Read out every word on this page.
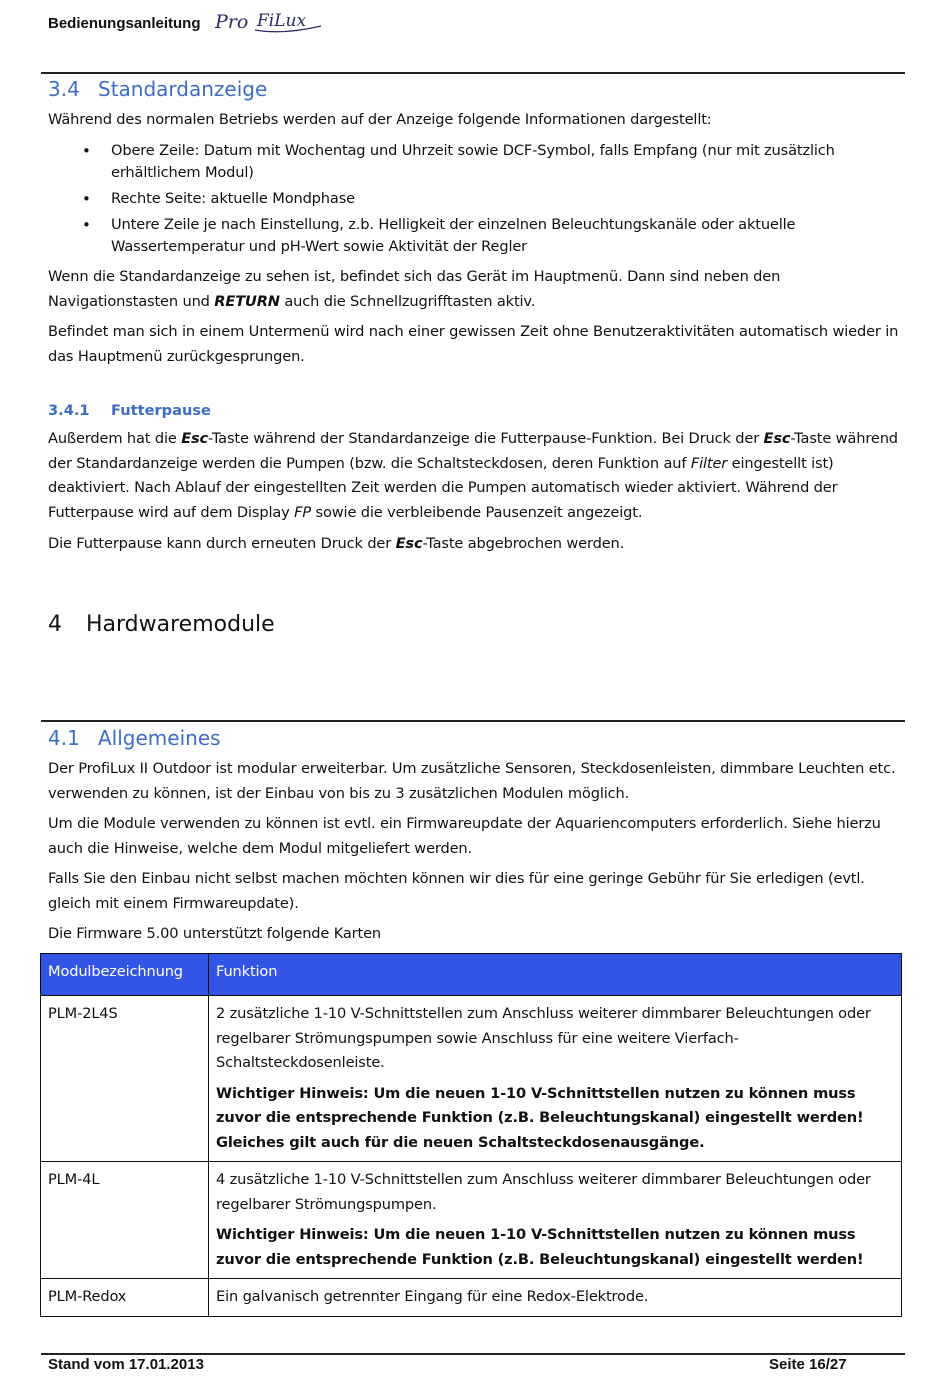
Bedienungsanleitung Pro FiLux
3.4 Standardanzeige
Während des normalen Betriebs werden auf der Anzeige folgende Informationen dargestellt:
• Obere Zeile: Datum mit Wochentag und Uhrzeit sowie DCF-Symbol, falls Empfang (nur mit zusätzlich erhältlichem Modul)
• Rechte Seite: aktuelle Mondphase
• Untere Zeile je nach Einstellung, z.b. Helligkeit der einzelnen Beleuchtungskanäle oder aktuelle Wassertemperatur und pH-Wert sowie Aktivität der Regler
Wenn die Standardanzeige zu sehen ist, befindet sich das Gerät im Hauptmenü. Dann sind neben den Navigationstasten und RETURN auch die Schnellzugrifftasten aktiv.
Befindet man sich in einem Untermenü wird nach einer gewissen Zeit ohne Benutzeraktivitäten automatisch wieder in das Hauptmenü zurückgesprungen.
3.4.1 Futterpause
Außerdem hat die Esc-Taste während der Standardanzeige die Futterpause-Funktion. Bei Druck der Esc-Taste während der Standardanzeige werden die Pumpen (bzw. die Schaltsteckdosen, deren Funktion auf Filter eingestellt ist) deaktiviert. Nach Ablauf der eingestellten Zeit werden die Pumpen automatisch wieder aktiviert. Während der Futterpause wird auf dem Display FP sowie die verbleibende Pausenzeit angezeigt.
Die Futterpause kann durch erneuten Druck der Esc-Taste abgebrochen werden.
4 Hardwaremodule
4.1 Allgemeines
Der ProfiLux II Outdoor ist modular erweiterbar. Um zusätzliche Sensoren, Steckdosenleisten, dimmbare Leuchten etc. verwenden zu können, ist der Einbau von bis zu 3 zusätzlichen Modulen möglich.
Um die Module verwenden zu können ist evtl. ein Firmwareupdate der Aquariencomputers erforderlich. Siehe hierzu auch die Hinweise, welche dem Modul mitgeliefert werden.
Falls Sie den Einbau nicht selbst machen möchten können wir dies für eine geringe Gebühr für Sie erledigen (evtl. gleich mit einem Firmwareupdate).
Die Firmware 5.00 unterstützt folgende Karten
Modulbezeichnung	Funktion
PLM-2L4S	2 zusätzliche 1-10 V-Schnittstellen zum Anschluss weiterer dimmbarer Beleuchtungen oder regelbarer Strömungspumpen sowie Anschluss für eine weitere Vierfach-Schaltsteckdosenleiste.

Wichtiger Hinweis: Um die neuen 1-10 V-Schnittstellen nutzen zu können muss zuvor die entsprechende Funktion (z.B. Beleuchtungskanal) eingestellt werden! Gleiches gilt auch für die neuen Schaltsteckdosenausgänge.

PLM-4L	4 zusätzliche 1-10 V-Schnittstellen zum Anschluss weiterer dimmbarer Beleuchtungen oder regelbarer Strömungspumpen.

Wichtiger Hinweis: Um die neuen 1-10 V-Schnittstellen nutzen zu können muss zuvor die entsprechende Funktion (z.B. Beleuchtungskanal) eingestellt werden!

PLM-Redox	Ein galvanisch getrennter Eingang für eine Redox-Elektrode.

Stand vom 17.01.2013	Seite 16/27
